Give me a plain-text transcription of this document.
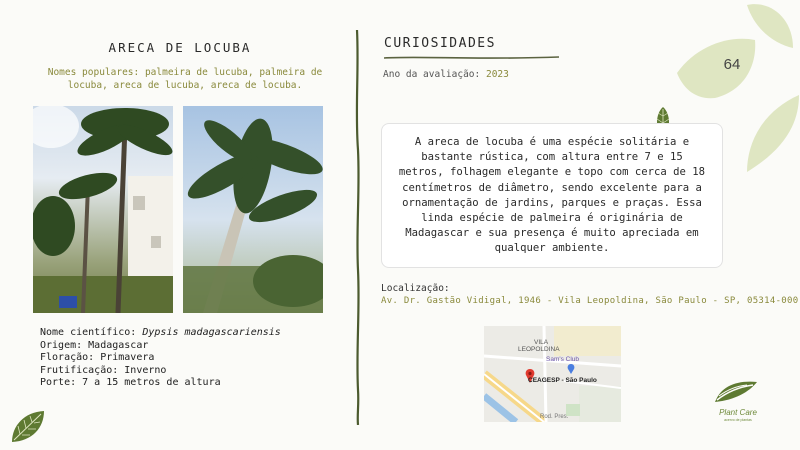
ARECA DE LOCUBA
Nomes populares: palmeira de lucuba, palmeira de locuba, areca de lucuba, areca de locuba.
Nome científico: Dypsis madagascariensis
Origem: Madagascar
Floração: Primavera
Frutificação: Inverno
Porte: 7 a 15 metros de altura
CURIOSIDADES
Ano da avaliação: 2023
A areca de locuba é uma espécie solitária e bastante rústica, com altura entre 7 e 15 metros, folhagem elegante e topo com cerca de 18 centímetros de diâmetro, sendo excelente para a ornamentação de jardins, parques e praças. Essa linda espécie de palmeira é originária de Madagascar e sua presença é muito apreciada em qualquer ambiente.
Localização:
Av. Dr. Gastão Vidigal, 1946 - Vila Leopoldina, São Paulo - SP, 05314-000
VILA
LEOPOLDINA
Sam's Club
CEAGESP - São Paulo
Rod. Pres.
64
Plant Care
acervo de plantas
